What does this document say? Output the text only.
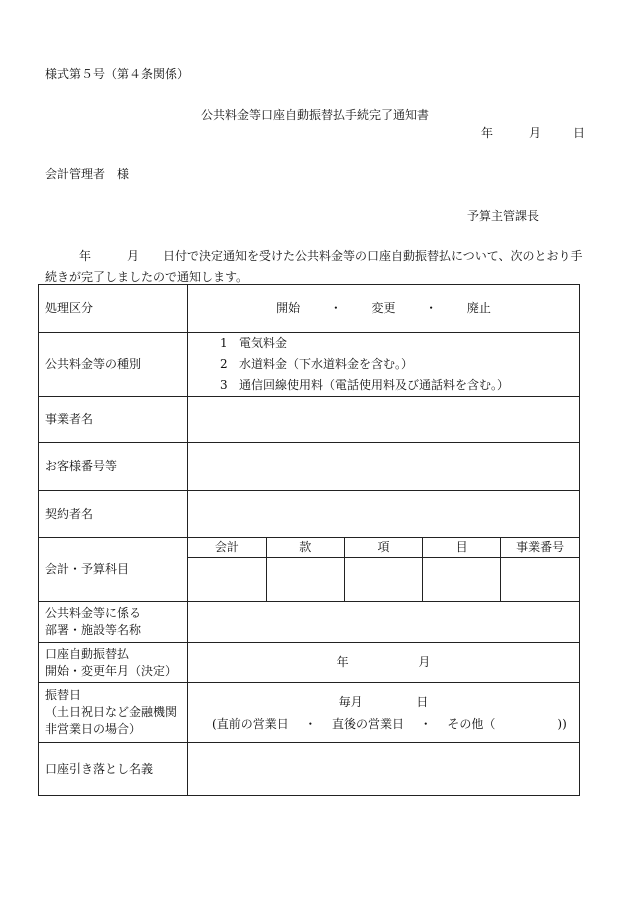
様式第５号（第４条関係）
公共料金等口座自動振替払手続完了通知書
年	月	日
会計管理者　様
予算主管課長
年	月 日付で決定通知を受けた公共料金等の口座自動振替払について、次のとおり手続きが完了しましたので通知します。
処理区分	開始 ・ 変更 ・ 廃止
公共料金等の種別	
1 電気料金
2 水道料金（下水道料金を含む。）
3 通信回線使用料（電話使用料及び通話料を含む。）

事業者名	
お客様番号等	
契約者名	
会計・予算科目	
会計	款	項	目	事業番号

公共料金等に係る
部署・施設等名称

口座自動振替払
開始・変更年月（決定）
	年	月

振替日
（土日祝日など金融機関
非営業日の場合）

毎月	日
(直前の営業日 ・ 直後の営業日 ・ その他（	))

口座引き落とし名義	
